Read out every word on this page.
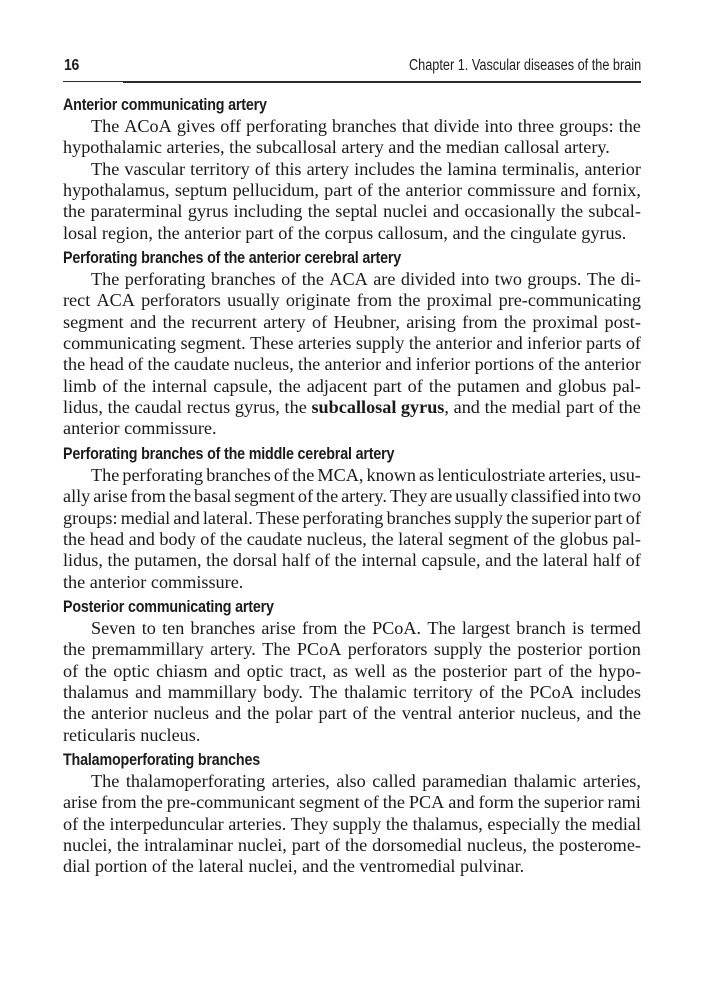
16	Chapter 1. Vascular diseases of the brain
Anterior communicating artery
The ACoA gives off perforating branches that divide into three groups: the
hypothalamic arteries, the subcallosal artery and the median callosal artery.
The vascular territory of this artery includes the lamina terminalis, anterior
hypothalamus, septum pellucidum, part of the anterior commissure and fornix,
the paraterminal gyrus including the septal nuclei and occasionally the subcal-
losal region, the anterior part of the corpus callosum, and the cingulate gyrus.
Perforating branches of the anterior cerebral artery
The perforating branches of the ACA are divided into two groups. The di-
rect ACA perforators usually originate from the proximal pre-communicating
segment and the recurrent artery of Heubner, arising from the proximal post-
communicating segment. These arteries supply the anterior and inferior parts of
the head of the caudate nucleus, the anterior and inferior portions of the anterior
limb of the internal capsule, the adjacent part of the putamen and globus pal-
lidus, the caudal rectus gyrus, the subcallosal gyrus, and the medial part of the
anterior commissure.
Perforating branches of the middle cerebral artery
The perforating branches of the MCA, known as lenticulostriate arteries, usu-
ally arise from the basal segment of the artery. They are usually classified into two
groups: medial and lateral. These perforating branches supply the superior part of
the head and body of the caudate nucleus, the lateral segment of the globus pal-
lidus, the putamen, the dorsal half of the internal capsule, and the lateral half of
the anterior commissure.
Posterior communicating artery
Seven to ten branches arise from the PCoA. The largest branch is termed
the premammillary artery. The PCoA perforators supply the posterior portion
of the optic chiasm and optic tract, as well as the posterior part of the hypo-
thalamus and mammillary body. The thalamic territory of the PCoA includes
the anterior nucleus and the polar part of the ventral anterior nucleus, and the
reticularis nucleus.
Thalamoperforating branches
The thalamoperforating arteries, also called paramedian thalamic arteries,
arise from the pre-communicant segment of the PCA and form the superior rami
of the interpeduncular arteries. They supply the thalamus, especially the medial
nuclei, the intralaminar nuclei, part of the dorsomedial nucleus, the posterome-
dial portion of the lateral nuclei, and the ventromedial pulvinar.
